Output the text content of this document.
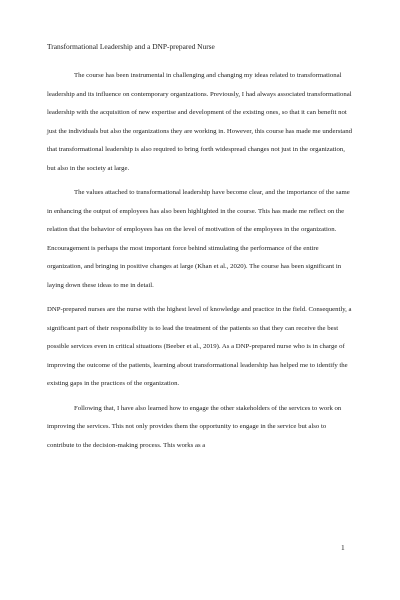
Transformational Leadership and a DNP-prepared Nurse

The course has been instrumental in challenging and changing my ideas related to transformational leadership and its influence on contemporary organizations. Previously, I had always associated transformational leadership with the acquisition of new expertise and development of the existing ones, so that it can benefit not just the individuals but also the organizations they are working in. However, this course has made me understand that transformational leadership is also required to bring forth widespread changes not just in the organization, but also in the society at large.

The values attached to transformational leadership have become clear, and the importance of the same in enhancing the output of employees has also been highlighted in the course. This has made me reflect on the relation that the behavior of employees has on the level of motivation of the employees in the organization. Encouragement is perhaps the most important force behind stimulating the performance of the entire organization, and bringing in positive changes at large (Khan et al., 2020). The course has been significant in laying down these ideas to me in detail.

DNP-prepared nurses are the nurse with the highest level of knowledge and practice in the field. Consequently, a significant part of their responsibility is to lead the treatment of the patients so that they can receive the best possible services even in critical situations (Beeber et al., 2019). As a DNP-prepared nurse who is in charge of improving the outcome of the patients, learning about transformational leadership has helped me to identify the existing gaps in the practices of the organization.

Following that, I have also learned how to engage the other stakeholders of the services to work on improving the services. This not only provides them the opportunity to engage in the service but also to contribute to the decision-making process. This works as a

1
